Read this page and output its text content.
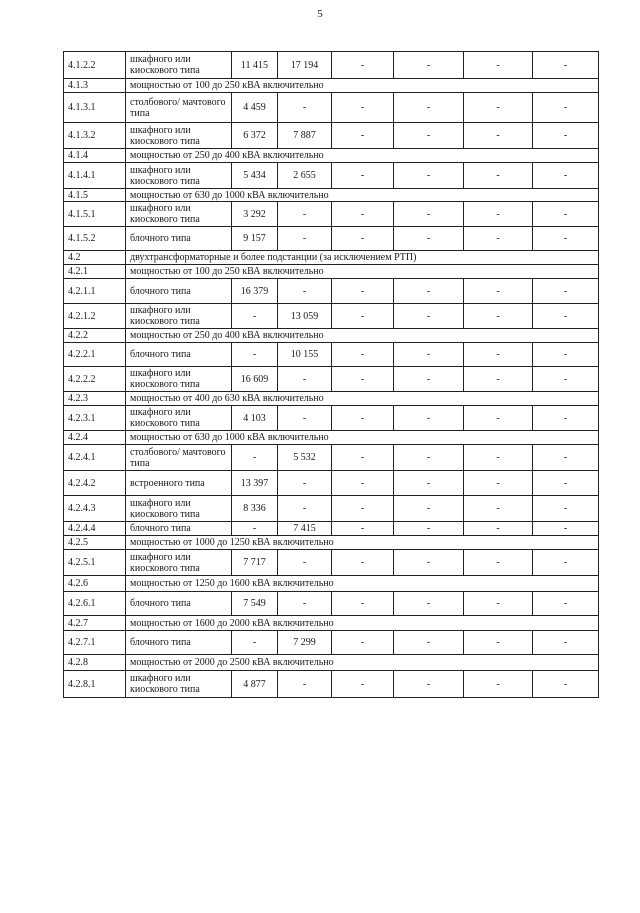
5
4.1.2.2	шкафного или киоскового типа	11 415	17 194	-	-	-	-
4.1.3	мощностью от 100 до 250 кВА включительно						
4.1.3.1	столбового/ мачтового типа	4 459	-	-	-	-	-
4.1.3.2	шкафного или киоскового типа	6 372	7 887	-	-	-	-
4.1.4	мощностью от 250 до 400 кВА включительно						
4.1.4.1	шкафного или киоскового типа	5 434	2 655	-	-	-	-
4.1.5	мощностью от 630 до 1000 кВА включительно						
4.1.5.1	шкафного или киоскового типа	3 292	-	-	-	-	-
4.1.5.2	блочного типа	9 157	-	-	-	-	-
4.2	двухтрансформаторные и более подстанции (за исключением РТП)						
4.2.1	мощностью от 100 до 250 кВА включительно						
4.2.1.1	блочного типа	16 379	-	-	-	-	-
4.2.1.2	шкафного или киоскового типа	-	13 059	-	-	-	-
4.2.2	мощностью от 250 до 400 кВА включительно						
4.2.2.1	блочного типа	-	10 155	-	-	-	-
4.2.2.2	шкафного или киоскового типа	16 609	-	-	-	-	-
4.2.3	мощностью от 400 до 630 кВА включительно						
4.2.3.1	шкафного или киоскового типа	4 103	-	-	-	-	-
4.2.4	мощностью от 630 до 1000 кВА включительно						
4.2.4.1	столбового/ мачтового типа	-	5 532	-	-	-	-
4.2.4.2	встроенного типа	13 397	-	-	-	-	-
4.2.4.3	шкафного или киоскового типа	8 336	-	-	-	-	-
4.2.4.4	блочного типа	-	7 415	-	-	-	-
4.2.5	мощностью от 1000 до 1250 кВА включительно						
4.2.5.1	шкафного или киоскового типа	7 717	-	-	-	-	-
4.2.6	мощностью от 1250 до 1600 кВА включительно						
4.2.6.1	блочного типа	7 549	-	-	-	-	-
4.2.7	мощностью от 1600 до 2000 кВА включительно						
4.2.7.1	блочного типа	-	7 299	-	-	-	-
4.2.8	мощностью от 2000 до 2500 кВА включительно						
4.2.8.1	шкафного или киоскового типа	4 877	-	-	-	-	-
